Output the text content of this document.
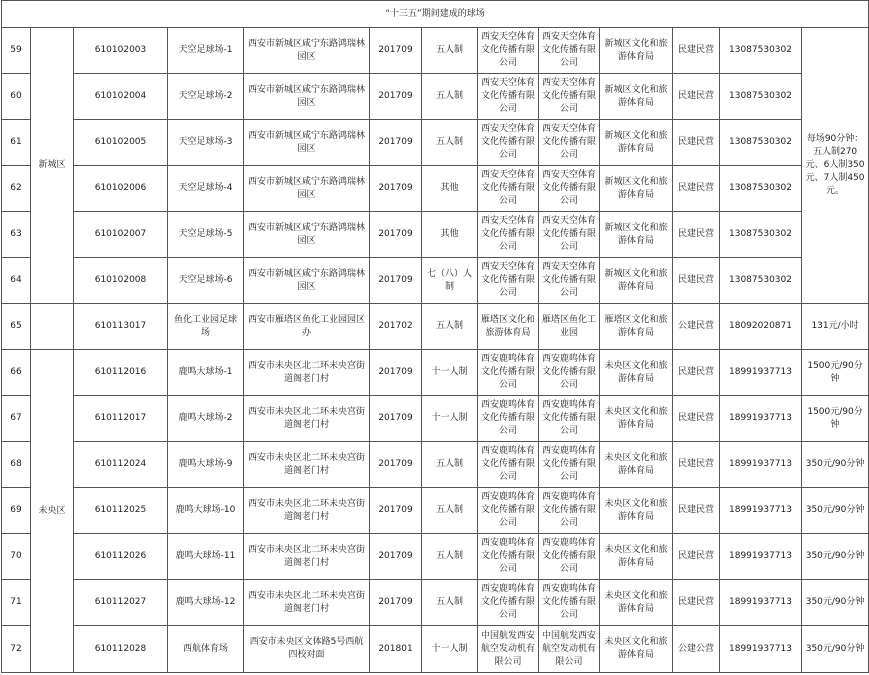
“十三五”期间建成的球场												
59	新城区	610102003	天空足球场-1	西安市新城区咸宁东路鸿瑞林园区	201709	五人制	西安天空体育文化传播有限公司	西安天空体育文化传播有限公司	新城区文化和旅游体育局	民建民营	13087530302	每场90分钟：五人制270元、6人制350元、7人制450元。
60		610102004	天空足球场-2	西安市新城区咸宁东路鸿瑞林园区	201709	五人制	西安天空体育文化传播有限公司	西安天空体育文化传播有限公司	新城区文化和旅游体育局	民建民营	13087530302	
61		610102005	天空足球场-3	西安市新城区咸宁东路鸿瑞林园区	201709	五人制	西安天空体育文化传播有限公司	西安天空体育文化传播有限公司	新城区文化和旅游体育局	民建民营	13087530302	
62		610102006	天空足球场-4	西安市新城区咸宁东路鸿瑞林园区	201709	其他	西安天空体育文化传播有限公司	西安天空体育文化传播有限公司	新城区文化和旅游体育局	民建民营	13087530302	
63		610102007	天空足球场-5	西安市新城区咸宁东路鸿瑞林园区	201709	其他	西安天空体育文化传播有限公司	西安天空体育文化传播有限公司	新城区文化和旅游体育局	民建民营	13087530302	
64		610102008	天空足球场-6	西安市新城区咸宁东路鸿瑞林园区	201709	七（八）人制	西安天空体育文化传播有限公司	西安天空体育文化传播有限公司	新城区文化和旅游体育局	民建民营	13087530302	
65		610113017	鱼化工业园足球场	西安市雁塔区鱼化工业园园区办	201702	五人制	雁塔区文化和旅游体育局	雁塔区鱼化工业园	雁塔区文化和旅游体育局	公建民营	18092020871	131元/小时
66	未央区	610112016	鹿鸣大球场-1	西安市未央区北二环未央宫街道阁老门村	201709	十一人制	西安鹿鸣体育文化传播有限公司	西安鹿鸣体育文化传播有限公司	未央区文化和旅游体育局	民建民营	18991937713	1500元/90分钟
67		610112017	鹿鸣大球场-2	西安市未央区北二环未央宫街道阁老门村	201709	十一人制	西安鹿鸣体育文化传播有限公司	西安鹿鸣体育文化传播有限公司	未央区文化和旅游体育局	民建民营	18991937713	1500元/90分钟
68		610112024	鹿鸣大球场-9	西安市未央区北二环未央宫街道阁老门村	201709	五人制	西安鹿鸣体育文化传播有限公司	西安鹿鸣体育文化传播有限公司	未央区文化和旅游体育局	民建民营	18991937713	350元/90分钟
69		610112025	鹿鸣大球场-10	西安市未央区北二环未央宫街道阁老门村	201709	五人制	西安鹿鸣体育文化传播有限公司	西安鹿鸣体育文化传播有限公司	未央区文化和旅游体育局	民建民营	18991937713	350元/90分钟
70		610112026	鹿鸣大球场-11	西安市未央区北二环未央宫街道阁老门村	201709	五人制	西安鹿鸣体育文化传播有限公司	西安鹿鸣体育文化传播有限公司	未央区文化和旅游体育局	民建民营	18991937713	350元/90分钟
71		610112027	鹿鸣大球场-12	西安市未央区北二环未央宫街道阁老门村	201709	五人制	西安鹿鸣体育文化传播有限公司	西安鹿鸣体育文化传播有限公司	未央区文化和旅游体育局	民建民营	18991937713	350元/90分钟
72		610112028	西航体育场	西安市未央区文体路5号西航四校对面	201801	十一人制	中国航发西安航空发动机有限公司	中国航发西安航空发动机有限公司	未央区文化和旅游体育局	公建公营	18991937713	350元/90分钟
